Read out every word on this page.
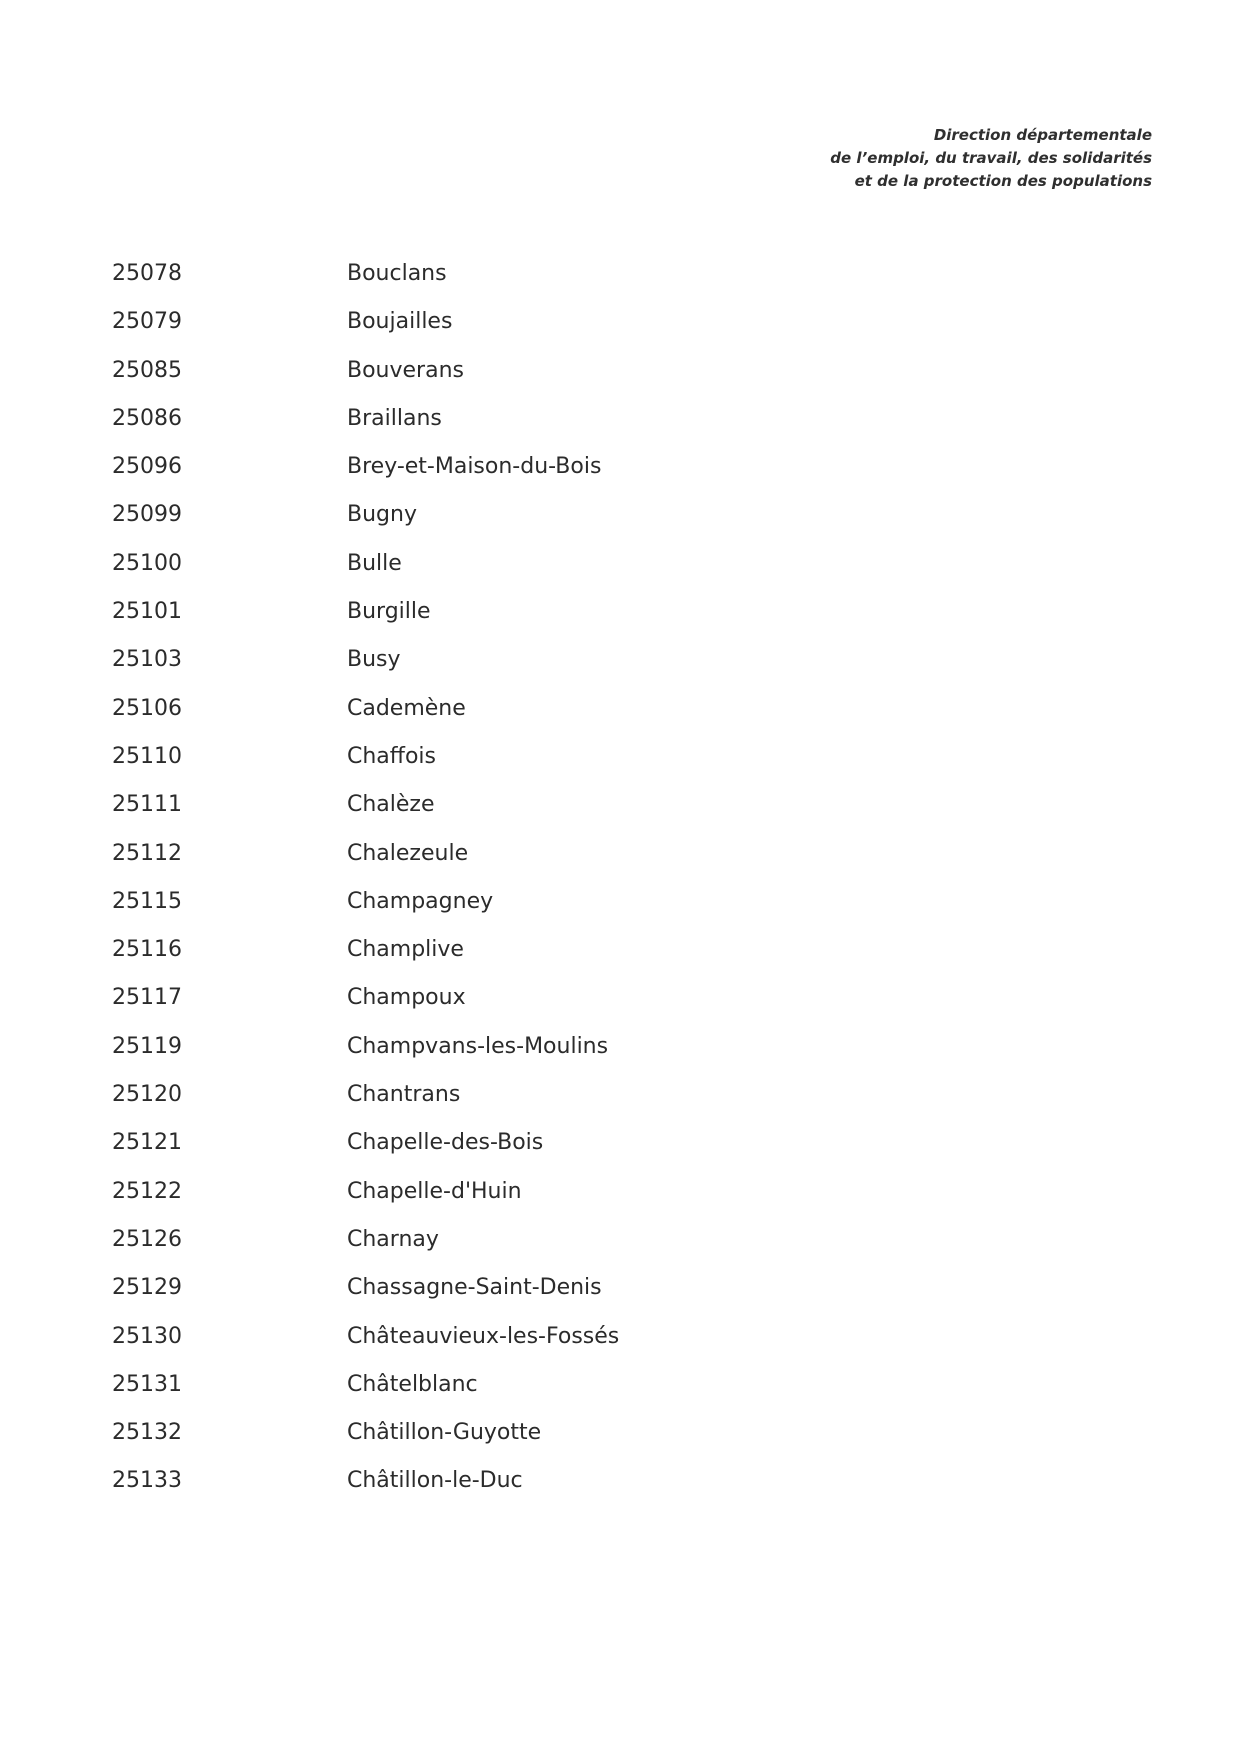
Direction départementale
de l’emploi, du travail, des solidarités
et de la protection des populations
25078	Bouclans
25079	Boujailles
25085	Bouverans
25086	Braillans
25096	Brey-et-Maison-du-Bois
25099	Bugny
25100	Bulle
25101	Burgille
25103	Busy
25106	Cademène
25110	Chaffois
25111	Chalèze
25112	Chalezeule
25115	Champagney
25116	Champlive
25117	Champoux
25119	Champvans-les-Moulins
25120	Chantrans
25121	Chapelle-des-Bois
25122	Chapelle-d'Huin
25126	Charnay
25129	Chassagne-Saint-Denis
25130	Châteauvieux-les-Fossés
25131	Châtelblanc
25132	Châtillon-Guyotte
25133	Châtillon-le-Duc
